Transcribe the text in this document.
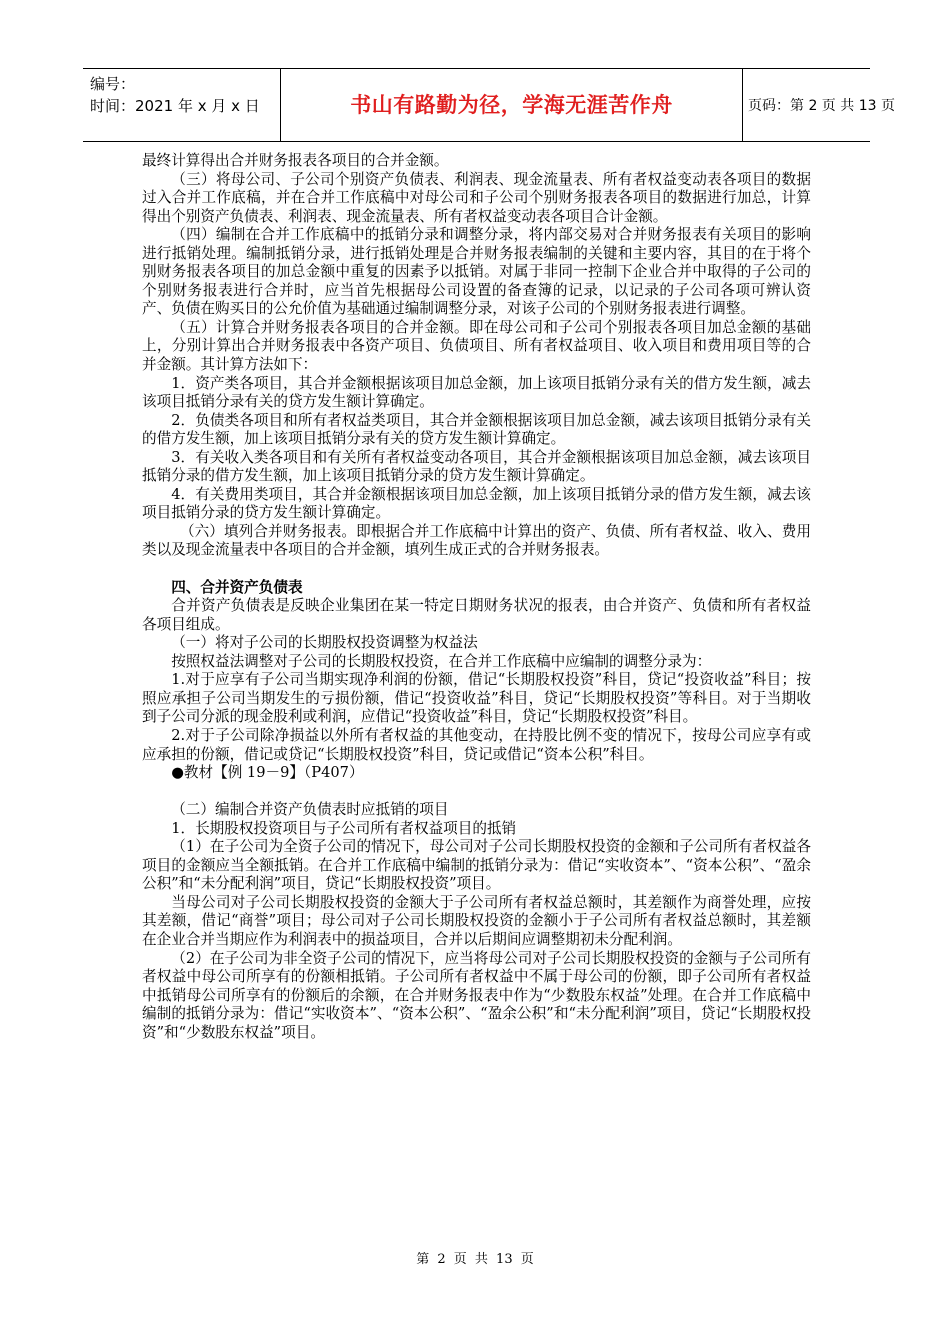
编号：
时间：2021 年 x 月 x 日	书山有路勤为径，学海无涯苦作舟	页码：第 2 页 共 13 页

最终计算得出合并财务报表各项目的合并金额。

（三）将母公司、子公司个别资产负债表、利润表、现金流量表、所有者权益变动表各项目的数据过入合并工作底稿，并在合并工作底稿中对母公司和子公司个别财务报表各项目的数据进行加总，计算得出个别资产负债表、利润表、现金流量表、所有者权益变动表各项目合计金额。

（四）编制在合并工作底稿中的抵销分录和调整分录，将内部交易对合并财务报表有关项目的影响进行抵销处理。编制抵销分录，进行抵销处理是合并财务报表编制的关键和主要内容，其目的在于将个别财务报表各项目的加总金额中重复的因素予以抵销。对属于非同一控制下企业合并中取得的子公司的个别财务报表进行合并时，应当首先根据母公司设置的备查簿的记录，以记录的子公司各项可辨认资产、负债在购买日的公允价值为基础通过编制调整分录，对该子公司的个别财务报表进行调整。

（五）计算合并财务报表各项目的合并金额。即在母公司和子公司个别报表各项目加总金额的基础上，分别计算出合并财务报表中各资产项目、负债项目、所有者权益项目、收入项目和费用项目等的合并金额。其计算方法如下：

1．资产类各项目，其合并金额根据该项目加总金额，加上该项目抵销分录有关的借方发生额，减去该项目抵销分录有关的贷方发生额计算确定。

2．负债类各项目和所有者权益类项目，其合并金额根据该项目加总金额，减去该项目抵销分录有关的借方发生额，加上该项目抵销分录有关的贷方发生额计算确定。

3．有关收入类各项目和有关所有者权益变动各项目，其合并金额根据该项目加总金额，减去该项目抵销分录的借方发生额，加上该项目抵销分录的贷方发生额计算确定。

4．有关费用类项目，其合并金额根据该项目加总金额，加上该项目抵销分录的借方发生额，减去该项目抵销分录的贷方发生额计算确定。

（六）填列合并财务报表。即根据合并工作底稿中计算出的资产、负债、所有者权益、收入、费用类以及现金流量表中各项目的合并金额，填列生成正式的合并财务报表。

四、合并资产负债表

合并资产负债表是反映企业集团在某一特定日期财务状况的报表，由合并资产、负债和所有者权益各项目组成。

（一）将对子公司的长期股权投资调整为权益法

按照权益法调整对子公司的长期股权投资，在合并工作底稿中应编制的调整分录为：

1.对于应享有子公司当期实现净利润的份额，借记“长期股权投资”科目，贷记“投资收益”科目；按照应承担子公司当期发生的亏损份额，借记“投资收益”科目，贷记“长期股权投资”等科目。对于当期收到子公司分派的现金股利或利润，应借记“投资收益”科目，贷记“长期股权投资”科目。

2.对于子公司除净损益以外所有者权益的其他变动，在持股比例不变的情况下，按母公司应享有或应承担的份额，借记或贷记“长期股权投资”科目，贷记或借记“资本公积”科目。

●教材【例 19－9】（P407）

（二）编制合并资产负债表时应抵销的项目

1．长期股权投资项目与子公司所有者权益项目的抵销

（1）在子公司为全资子公司的情况下，母公司对子公司长期股权投资的金额和子公司所有者权益各项目的金额应当全额抵销。在合并工作底稿中编制的抵销分录为：借记“实收资本”、“资本公积”、“盈余公积”和“未分配利润”项目，贷记“长期股权投资”项目。

当母公司对子公司长期股权投资的金额大于子公司所有者权益总额时，其差额作为商誉处理，应按其差额，借记“商誉”项目；母公司对子公司长期股权投资的金额小于子公司所有者权益总额时，其差额在企业合并当期应作为利润表中的损益项目，合并以后期间应调整期初未分配利润。

（2）在子公司为非全资子公司的情况下，应当将母公司对子公司长期股权投资的金额与子公司所有者权益中母公司所享有的份额相抵销。子公司所有者权益中不属于母公司的份额，即子公司所有者权益中抵销母公司所享有的份额后的余额，在合并财务报表中作为“少数股东权益”处理。在合并工作底稿中编制的抵销分录为：借记“实收资本”、“资本公积”、“盈余公积”和“未分配利润”项目，贷记“长期股权投资”和“少数股东权益”项目。

第 2 页 共 13 页
